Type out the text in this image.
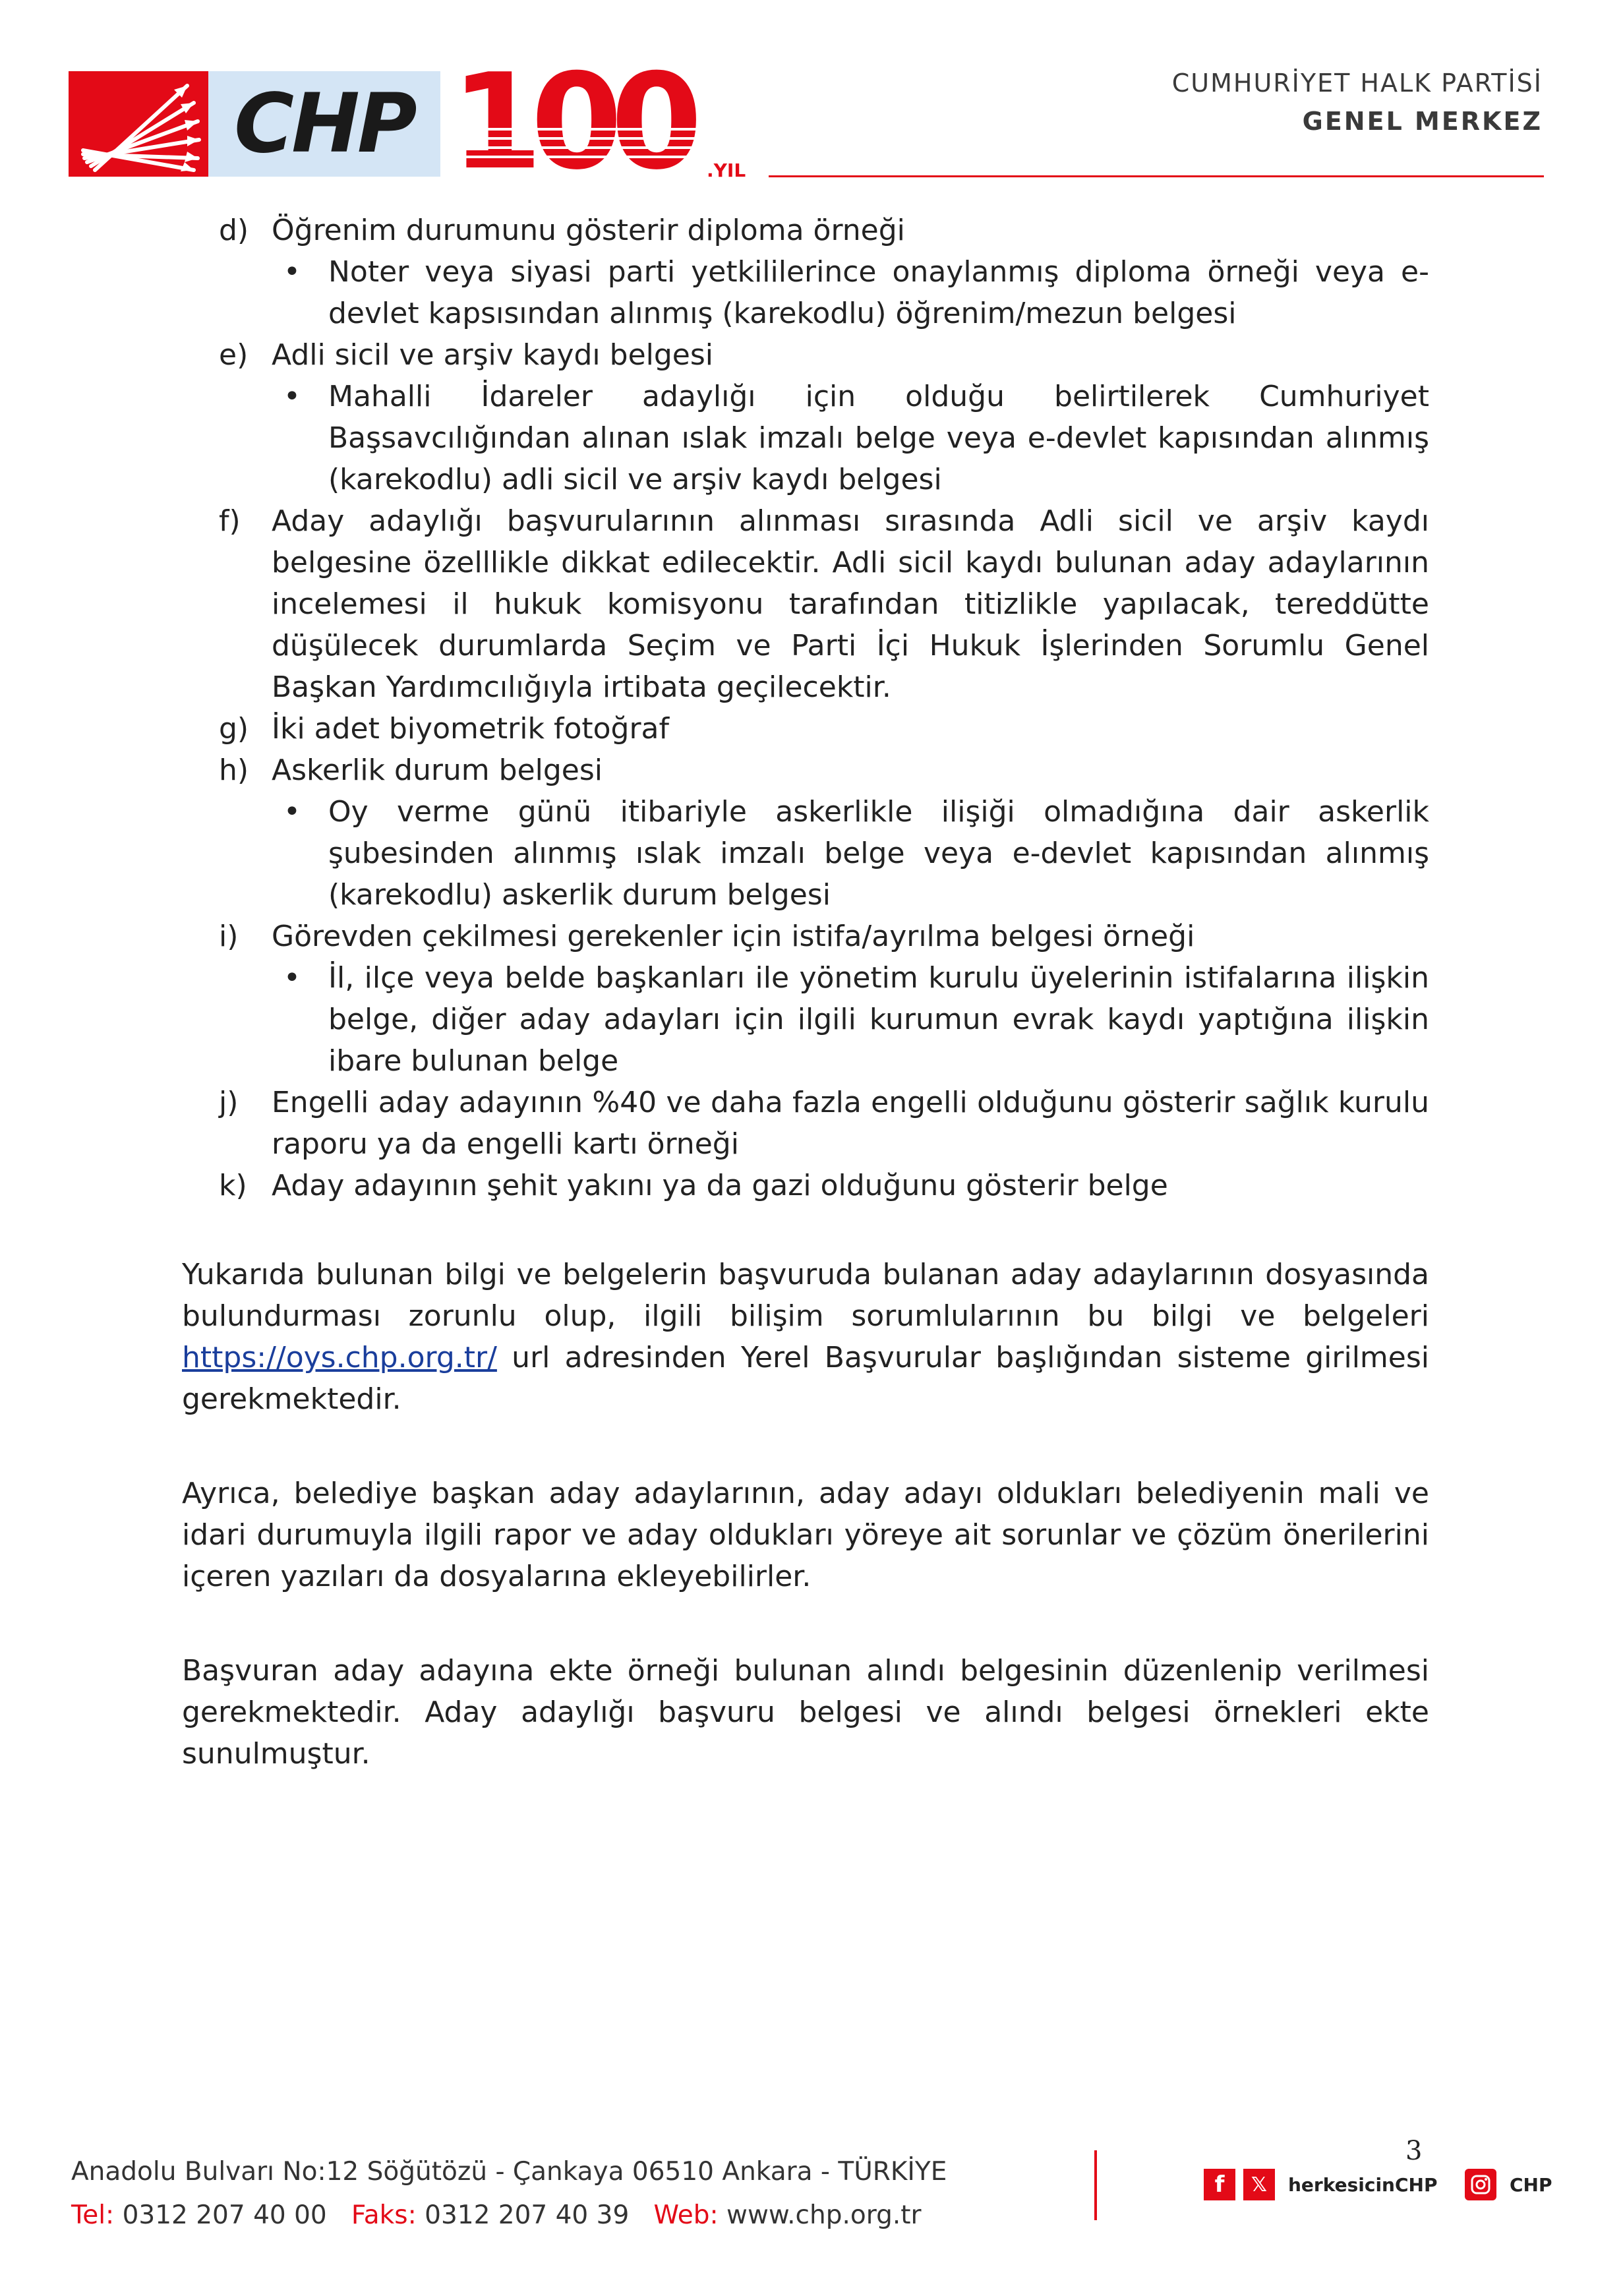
CHP 100 .YIL
CUMHURİYET HALK PARTİSİ
GENEL MERKEZ
d) Öğrenim durumunu gösterir diploma örneği
• Noter veya siyasi parti yetkililerince onaylanmış diploma örneği veya e-devlet kapsısından alınmış (karekodlu) öğrenim/mezun belgesi
e) Adli sicil ve arşiv kaydı belgesi
• Mahalli İdareler adaylığı için olduğu belirtilerek Cumhuriyet Başsavcılığından alınan ıslak imzalı belge veya e-devlet kapısından alınmış (karekodlu) adli sicil ve arşiv kaydı belgesi
f) Aday adaylığı başvurularının alınması sırasında Adli sicil ve arşiv kaydı belgesine özelllikle dikkat edilecektir. Adli sicil kaydı bulunan aday adaylarının incelemesi il hukuk komisyonu tarafından titizlikle yapılacak, tereddütte düşülecek durumlarda Seçim ve Parti İçi Hukuk İşlerinden Sorumlu Genel Başkan Yardımcılığıyla irtibata geçilecektir.
g) İki adet biyometrik fotoğraf
h) Askerlik durum belgesi
• Oy verme günü itibariyle askerlikle ilişiği olmadığına dair askerlik şubesinden alınmış ıslak imzalı belge veya e-devlet kapısından alınmış (karekodlu) askerlik durum belgesi
i) Görevden çekilmesi gerekenler için istifa/ayrılma belgesi örneği
• İl, ilçe veya belde başkanları ile yönetim kurulu üyelerinin istifalarına ilişkin belge, diğer aday adayları için ilgili kurumun evrak kaydı yaptığına ilişkin ibare bulunan belge
j) Engelli aday adayının %40 ve daha fazla engelli olduğunu gösterir sağlık kurulu raporu ya da engelli kartı örneği
k) Aday adayının şehit yakını ya da gazi olduğunu gösterir belge
Yukarıda bulunan bilgi ve belgelerin başvuruda bulanan aday adaylarının dosyasında bulundurması zorunlu olup, ilgili bilişim sorumlularının bu bilgi ve belgeleri https://oys.chp.org.tr/ url adresinden Yerel Başvurular başlığından sisteme girilmesi gerekmektedir.
Ayrıca, belediye başkan aday adaylarının, aday adayı oldukları belediyenin mali ve idari durumuyla ilgili rapor ve aday oldukları yöreye ait sorunlar ve çözüm önerilerini içeren yazıları da dosyalarına ekleyebilirler.
Başvuran aday adayına ekte örneği bulunan alındı belgesinin düzenlenip verilmesi gerekmektedir. Aday adaylığı başvuru belgesi ve alındı belgesi örnekleri ekte sunulmuştur.
3
Anadolu Bulvarı No:12 Söğütözü - Çankaya 06510 Ankara - TÜRKİYE
Tel: 0312 207 40 00 Faks: 0312 207 40 39 Web: www.chp.org.tr
f	𝕏	herkesicinCHP	CHP
